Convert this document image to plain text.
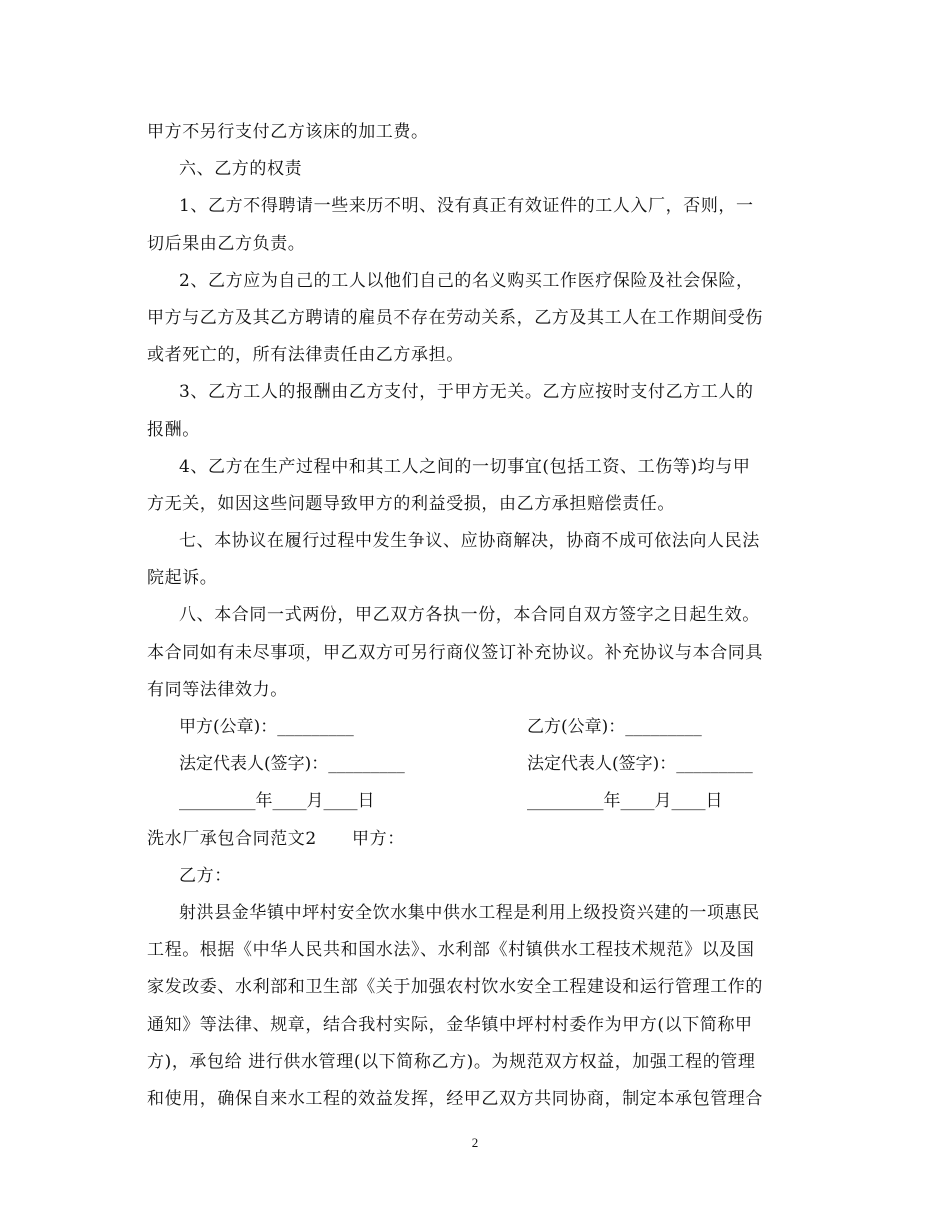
甲方不另行支付乙方该床的加工费。
六、乙方的权责
1、乙方不得聘请一些来历不明、没有真正有效证件的工人入厂，否则，一
切后果由乙方负责。
2、乙方应为自己的工人以他们自己的名义购买工作医疗保险及社会保险，
甲方与乙方及其乙方聘请的雇员不存在劳动关系，乙方及其工人在工作期间受伤
或者死亡的，所有法律责任由乙方承担。
3、乙方工人的报酬由乙方支付，于甲方无关。乙方应按时支付乙方工人的
报酬。
4、乙方在生产过程中和其工人之间的一切事宜(包括工资、工伤等)均与甲
方无关，如因这些问题导致甲方的利益受损，由乙方承担赔偿责任。
七、本协议在履行过程中发生争议、应协商解决，协商不成可依法向人民法
院起诉。
八、本合同一式两份，甲乙双方各执一份，本合同自双方签字之日起生效。
本合同如有未尽事项，甲乙双方可另行商仪签订补充协议。补充协议与本合同具
有同等法律效力。
甲方(公章)：_________	乙方(公章)：_________
法定代表人(签字)：_________	法定代表人(签字)：_________
_________年____月____日	_________年____月____日
洗水厂承包合同范文2　　甲方：
乙方：
射洪县金华镇中坪村安全饮水集中供水工程是利用上级投资兴建的一项惠民
工程。根据《中华人民共和国水法》、水利部《村镇供水工程技术规范》以及国
家发改委、水利部和卫生部《关于加强农村饮水安全工程建设和运行管理工作的
通知》等法律、规章，结合我村实际，金华镇中坪村村委作为甲方(以下简称甲
方)，承包给 进行供水管理(以下简称乙方)。为规范双方权益，加强工程的管理
和使用，确保自来水工程的效益发挥，经甲乙双方共同协商，制定本承包管理合
2
